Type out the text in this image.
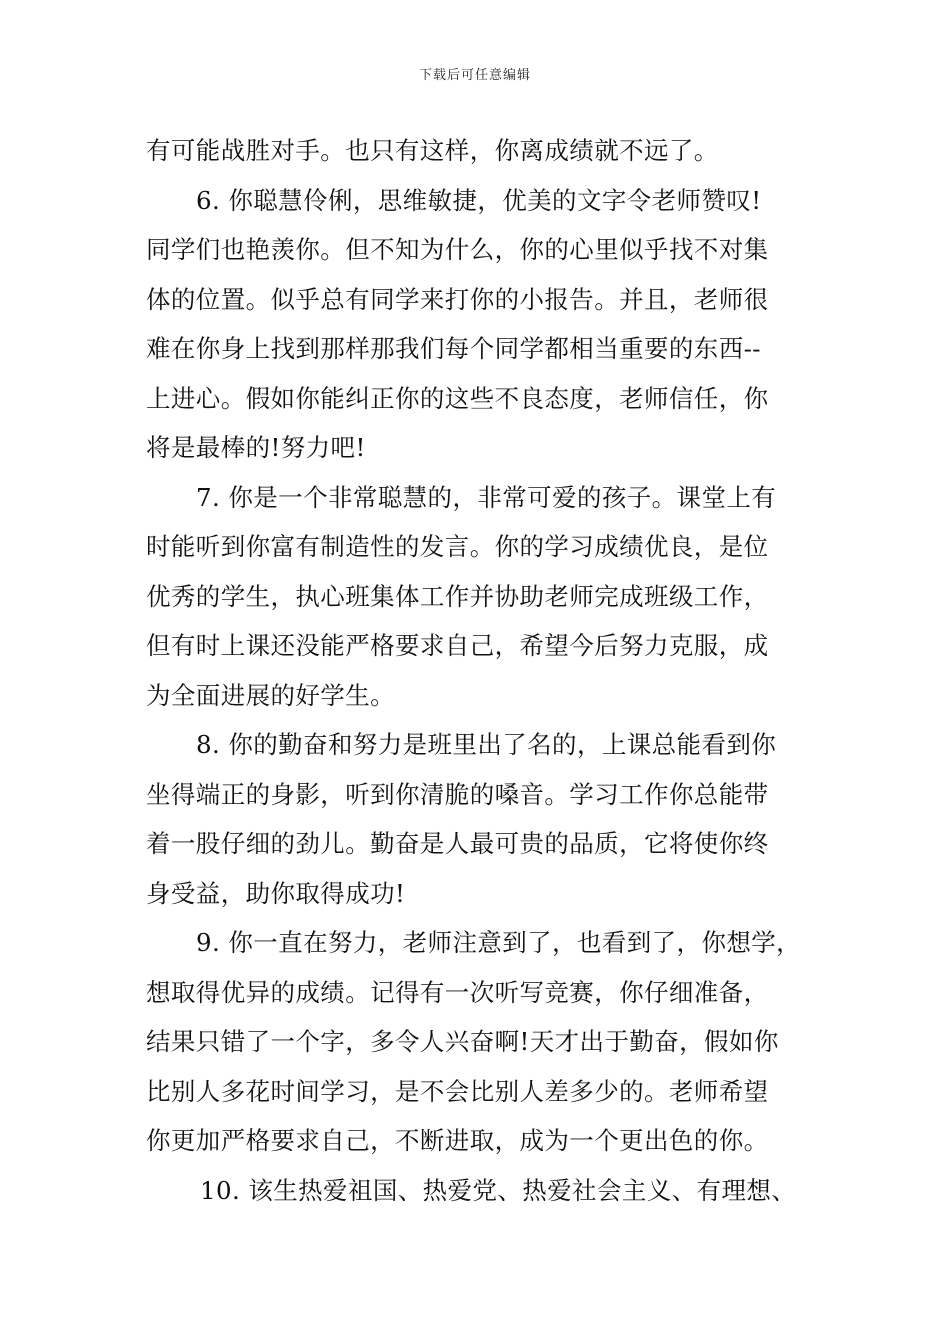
下载后可任意编辑
有可能战胜对手。也只有这样，你离成绩就不远了。
6. 你聪慧伶俐，思维敏捷，优美的文字令老师赞叹!
同学们也艳羡你。但不知为什么，你的心里似乎找不对集
体的位置。似乎总有同学来打你的小报告。并且，老师很
难在你身上找到那样那我们每个同学都相当重要的东西--
上进心。假如你能纠正你的这些不良态度，老师信任，你
将是最棒的!努力吧!
7. 你是一个非常聪慧的，非常可爱的孩子。课堂上有
时能听到你富有制造性的发言。你的学习成绩优良，是位
优秀的学生，执心班集体工作并协助老师完成班级工作，
但有时上课还没能严格要求自己，希望今后努力克服，成
为全面进展的好学生。
8. 你的勤奋和努力是班里出了名的，上课总能看到你
坐得端正的身影，听到你清脆的嗓音。学习工作你总能带
着一股仔细的劲儿。勤奋是人最可贵的品质，它将使你终
身受益，助你取得成功!
9. 你一直在努力，老师注意到了，也看到了，你想学，
想取得优异的成绩。记得有一次听写竞赛，你仔细准备，
结果只错了一个字，多令人兴奋啊!天才出于勤奋，假如你
比别人多花时间学习，是不会比别人差多少的。老师希望
你更加严格要求自己，不断进取，成为一个更出色的你。
10. 该生热爱祖国、热爱党、热爱社会主义、有理想、
